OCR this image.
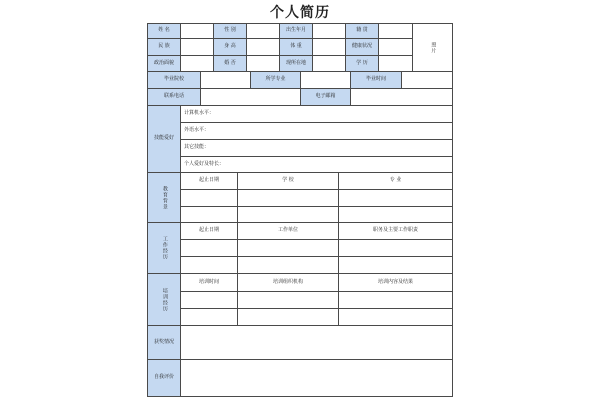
个人简历
姓 名	性 别	出生年月	籍 贯
照片
民 族	身 高	体 重	健康状况
政治面貌	婚 否	现所在地	学 历
毕业院校	所学专业	毕业时间
联系电话	电子邮箱
技能爱好
计算机水平：
外语水平：
其它技能：
个人爱好及特长：
教育背景
起止日期	学 校	专 业
工作经历
起止日期	工作单位	职务及主要工作职责
培训经历
培训时间	培训组织机构	培训内容及结果
获奖情况
自我评价
